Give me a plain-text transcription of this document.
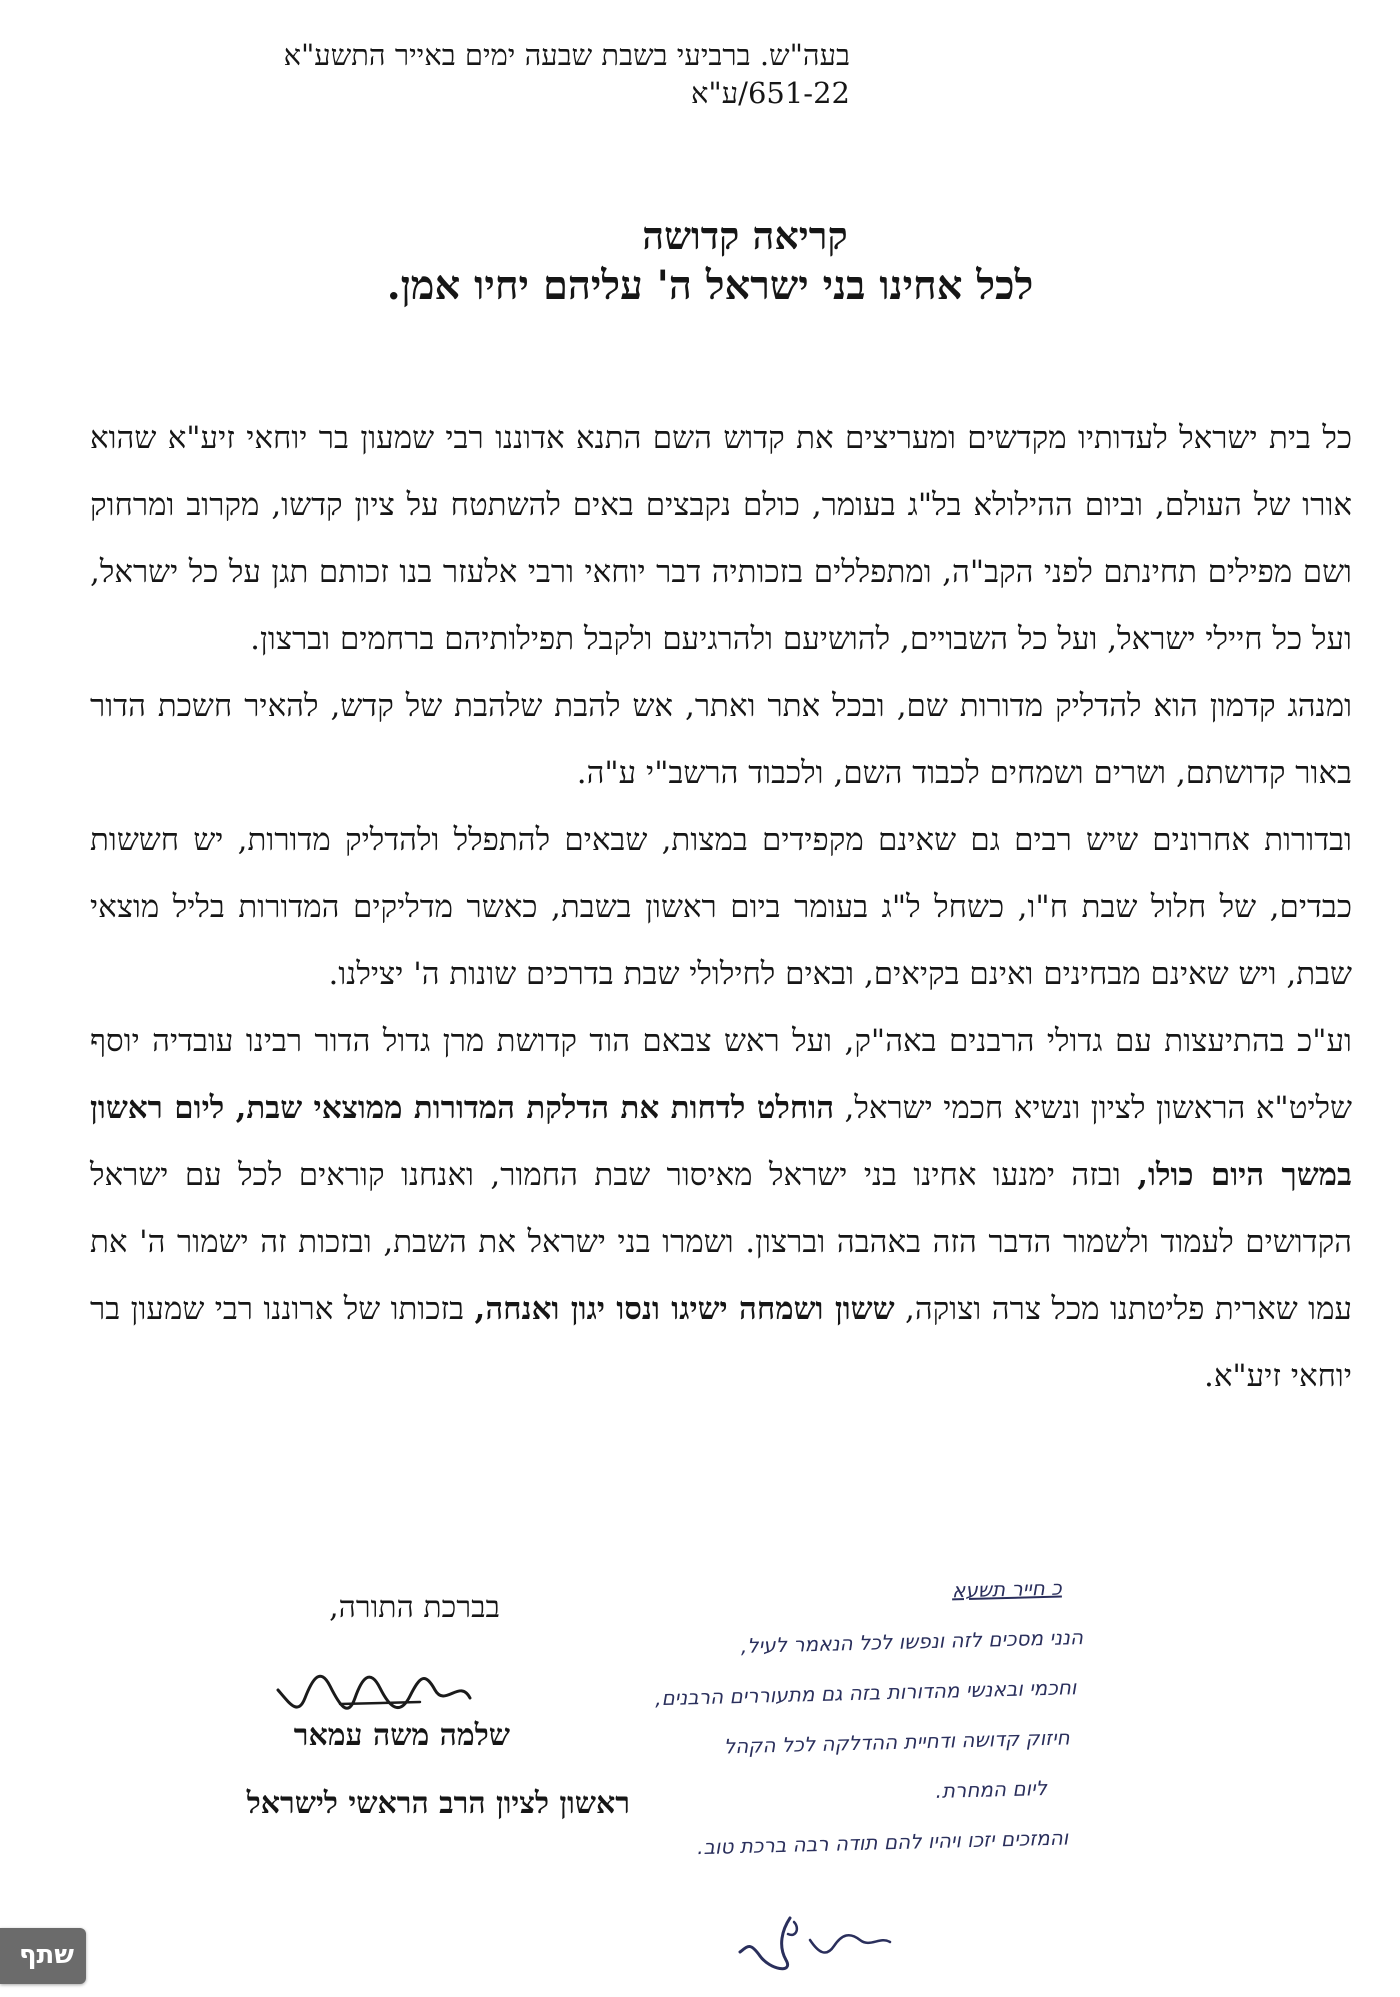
בעה"ש. ברביעי בשבת שבעה ימים באייר התשע"א
651-22/ע"א
קריאה קדושה
לכל אחינו בני ישראל ה' עליהם יחיו אמן.

כל בית ישראל לעדותיו מקדשים ומעריצים את קדוש השם התנא אדוננו רבי שמעון בר יוחאי זיע"א שהוא אורו של העולם, וביום ההילולא בל"ג בעומר, כולם נקבצים באים להשתטח על ציון קדשו, מקרוב ומרחוק ושם מפילים תחינתם לפני הקב"ה, ומתפללים בזכותיה דבר יוחאי ורבי אלעזר בנו זכותם תגן על כל ישראל, ועל כל חיילי ישראל, ועל כל השבויים, להושיעם ולהרגיעם ולקבל תפילותיהם ברחמים וברצון.

ומנהג קדמון הוא להדליק מדורות שם, ובכל אתר ואתר, אש להבת שלהבת של קדש, להאיר חשכת הדור באור קדושתם, ושרים ושמחים לכבוד השם, ולכבוד הרשב"י ע"ה.

ובדורות אחרונים שיש רבים גם שאינם מקפידים במצות, שבאים להתפלל ולהדליק מדורות, יש חששות כבדים, של חלול שבת ח"ו, כשחל ל"ג בעומר ביום ראשון בשבת, כאשר מדליקים המדורות בליל מוצאי שבת, ויש שאינם מבחינים ואינם בקיאים, ובאים לחילולי שבת בדרכים שונות ה' יצילנו.

וע"כ בהתיעצות עם גדולי הרבנים באה"ק, ועל ראש צבאם הוד קדושת מרן גדול הדור רבינו עובדיה יוסף שליט"א הראשון לציון ונשיא חכמי ישראל, הוחלט לדחות את הדלקת המדורות ממוצאי שבת, ליום ראשון במשך היום כולו, ובזה ימנעו אחינו בני ישראל מאיסור שבת החמור, ואנחנו קוראים לכל עם ישראל הקדושים לעמוד ולשמור הדבר הזה באהבה וברצון. ושמרו בני ישראל את השבת, ובזכות זה ישמור ה' את עמו שארית פליטתנו מכל צרה וצוקה, ששון ושמחה ישיגו ונסו יגון ואנחה, בזכותו של ארוננו רבי שמעון בר יוחאי זיע"א.

בברכת התורה,
שלמה משה עמאר
ראשון לציון הרב הראשי לישראל
כ חייר תשעא
הנני מסכים לזה ונפשו לכל הנאמר לעיל,
וחכמי ובאנשי מהדורות בזה גם מתעוררים הרבנים,
חיזוק קדושה ודחיית ההדלקה לכל הקהל
ליום המחרת.
והמזכים יזכו ויהיו להם תודה רבה ברכת טוב.
שתף
